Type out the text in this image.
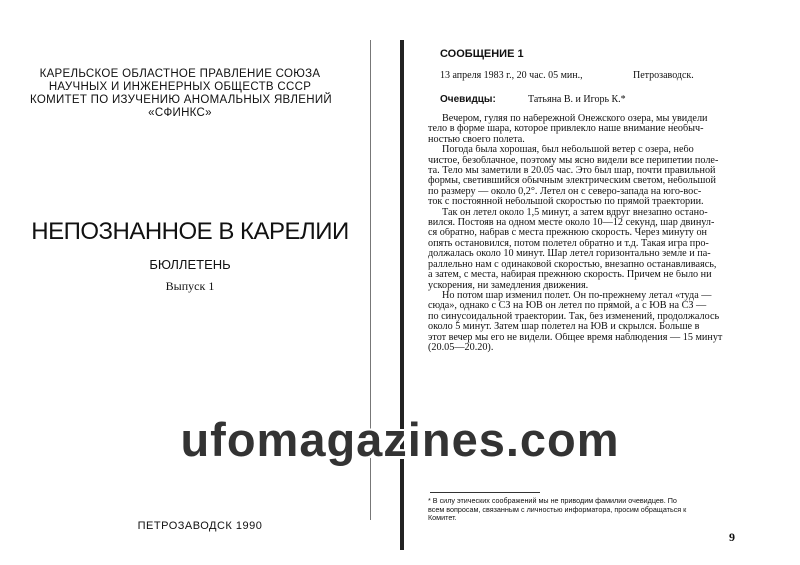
КАРЕЛЬСКОЕ ОБЛАСТНОЕ ПРАВЛЕНИЕ СОЮЗА
НАУЧНЫХ И ИНЖЕНЕРНЫХ ОБЩЕСТВ СССР
КОМИТЕТ ПО ИЗУЧЕНИЮ АНОМАЛЬНЫХ ЯВЛЕНИЙ
«СФИНКС»
НЕПОЗНАННОЕ В КАРЕЛИИ
БЮЛЛЕТЕНЬ
Выпуск 1
ПЕТРОЗАВОДСК 1990
СООБЩЕНИЕ 1
13 апреля 1983 г., 20 час. 05 мин.,	Петрозаводск.
Очевидцы:	Татьяна В. и Игорь К.*
Вечером, гуляя по набережной Онежского озера, мы увидели
тело в форме шара, которое привлекло наше внимание необыч-
ностью своего полета.
Погода была хорошая, был небольшой ветер с озера, небо
чистое, безоблачное, поэтому мы ясно видели все перипетии поле-
та. Тело мы заметили в 20.05 час. Это был шар, почти правильной
формы, светившийся обычным электрическим светом, небольшой
по размеру — около 0,2°. Летел он с северо-запада на юго-вос-
ток с постоянной небольшой скоростью по прямой траектории.
Так он летел около 1,5 минут, а затем вдруг внезапно остано-
вился. Постояв на одном месте около 10—12 секунд, шар двинул-
ся обратно, набрав с места прежнюю скорость. Через минуту он
опять остановился, потом полетел обратно и т.д. Такая игра про-
должалась около 10 минут. Шар летел горизонтально земле и па-
раллельно нам с одинаковой скоростью, внезапно останавливаясь,
а затем, с места, набирая прежнюю скорость. Причем не было ни
ускорения, ни замедления движения.
Но потом шар изменил полет. Он по-прежнему летал «туда —
сюда», однако с СЗ на ЮВ он летел по прямой, а с ЮВ на СЗ —
по синусоидальной траектории. Так, без изменений, продолжалось
около 5 минут. Затем шар полетел на ЮВ и скрылся. Больше в
этот вечер мы его не видели. Общее время наблюдения — 15 минут
(20.05—20.20).
ufomagazines.com
* В силу этических соображений мы не приводим фамилии очевидцев. По
всем вопросам, связанным с личностью информатора, просим обращаться к
Комитет.
9
